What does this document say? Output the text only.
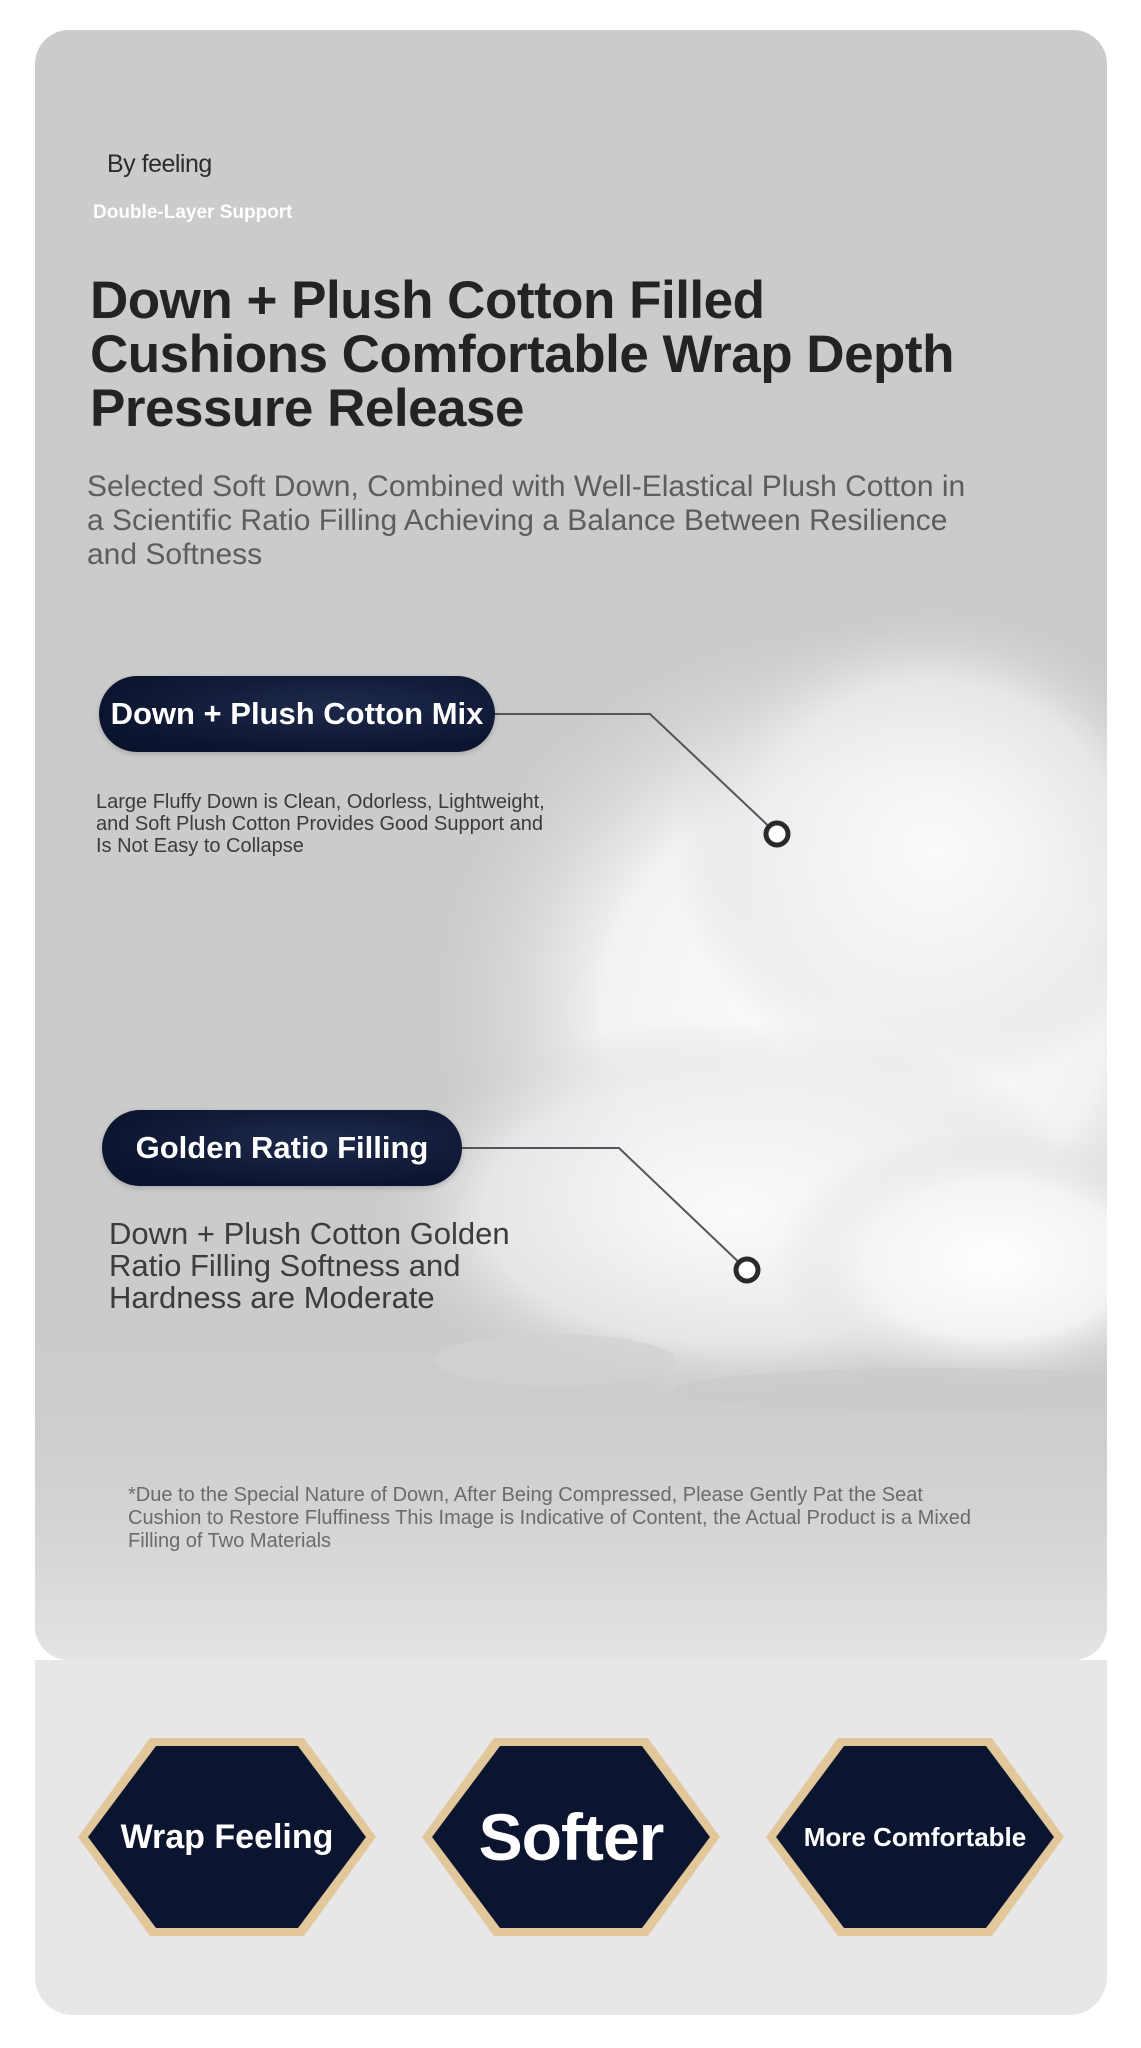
By feeling
Double-Layer Support
Down + Plush Cotton Filled Cushions Comfortable Wrap Depth Pressure Release
Selected Soft Down, Combined with Well-Elastical Plush Cotton in a Scientific Ratio Filling Achieving a Balance Between Resilience and Softness
Down + Plush Cotton Mix
Large Fluffy Down is Clean, Odorless, Lightweight, and Soft Plush Cotton Provides Good Support and Is Not Easy to Collapse
Golden Ratio Filling
Down + Plush Cotton Golden Ratio Filling Softness and Hardness are Moderate
*Due to the Special Nature of Down, After Being Compressed, Please Gently Pat the Seat Cushion to Restore Fluffiness This Image is Indicative of Content, the Actual Product is a Mixed Filling of Two Materials
Wrap Feeling	Softer	More Comfortable
